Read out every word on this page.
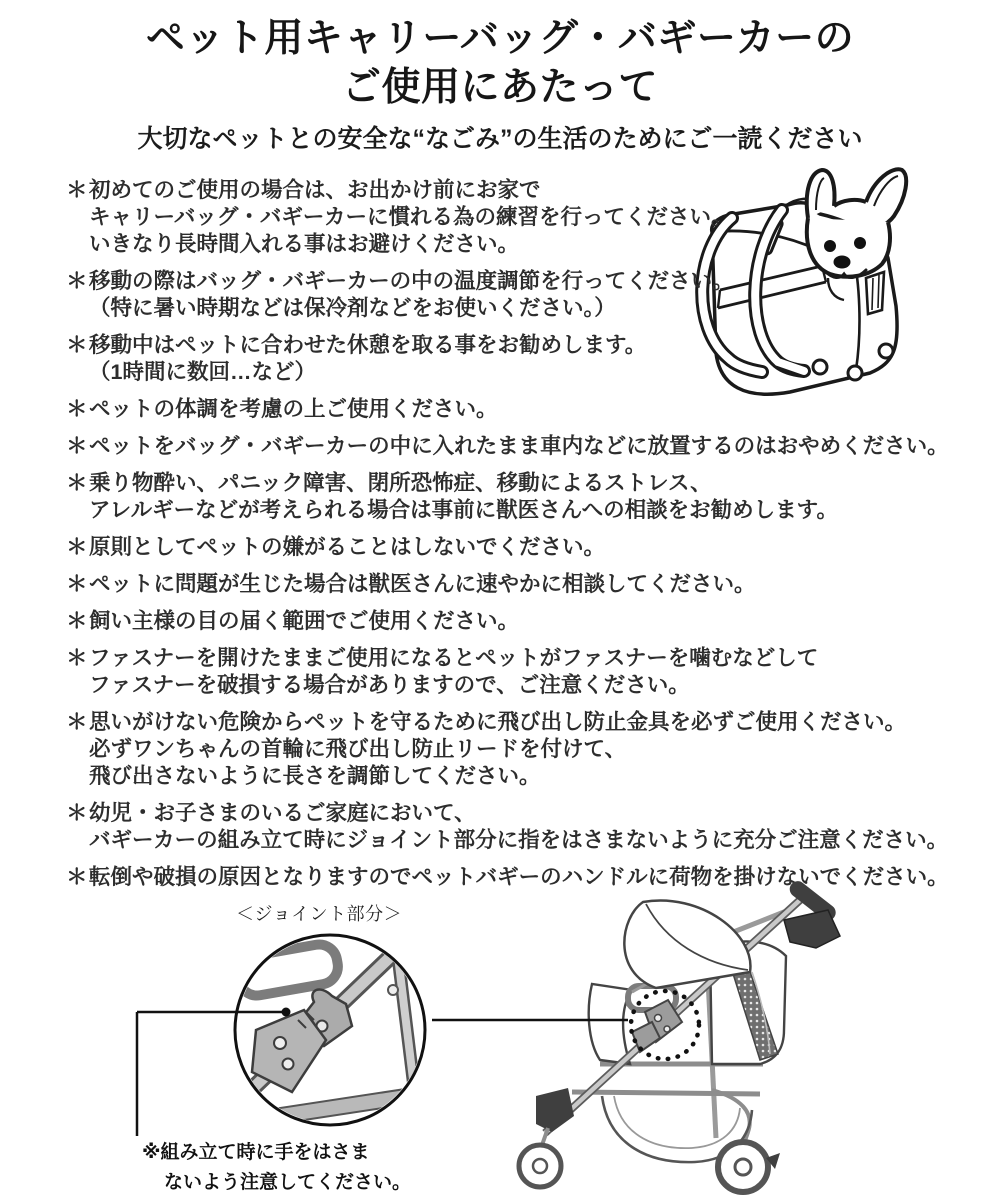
ペット用キャリーバッグ・バギーカーの
ご使用にあたって
大切なペットとの安全な“なごみ”の生活のためにご一読ください
＊ 初めてのご使用の場合は、お出かけ前にお家で
キャリーバッグ・バギーカーに慣れる為の練習を行ってください。
いきなり長時間入れる事はお避けください。
＊ 移動の際はバッグ・バギーカーの中の温度調節を行ってください。
（特に暑い時期などは保冷剤などをお使いください。）
＊ 移動中はペットに合わせた休憩を取る事をお勧めします。
（1時間に数回…など）
＊ ペットの体調を考慮の上ご使用ください。
＊ ペットをバッグ・バギーカーの中に入れたまま車内などに放置するのはおやめください。
＊ 乗り物酔い、パニック障害、閉所恐怖症、移動によるストレス、
アレルギーなどが考えられる場合は事前に獣医さんへの相談をお勧めします。
＊ 原則としてペットの嫌がることはしないでください。
＊ ペットに問題が生じた場合は獣医さんに速やかに相談してください。
＊ 飼い主様の目の届く範囲でご使用ください。
＊ ファスナーを開けたままご使用になるとペットがファスナーを噛むなどして
ファスナーを破損する場合がありますので、ご注意ください。
＊ 思いがけない危険からペットを守るために飛び出し防止金具を必ずご使用ください。
必ずワンちゃんの首輪に飛び出し防止リードを付けて、
飛び出さないように長さを調節してください。
＊ 幼児・お子さまのいるご家庭において、
バギーカーの組み立て時にジョイント部分に指をはさまないように充分ご注意ください。
＊ 転倒や破損の原因となりますのでペットバギーのハンドルに荷物を掛けないでください。
＜ジョイント部分＞
※組み立て時に手をはさま
ないよう注意してください。
